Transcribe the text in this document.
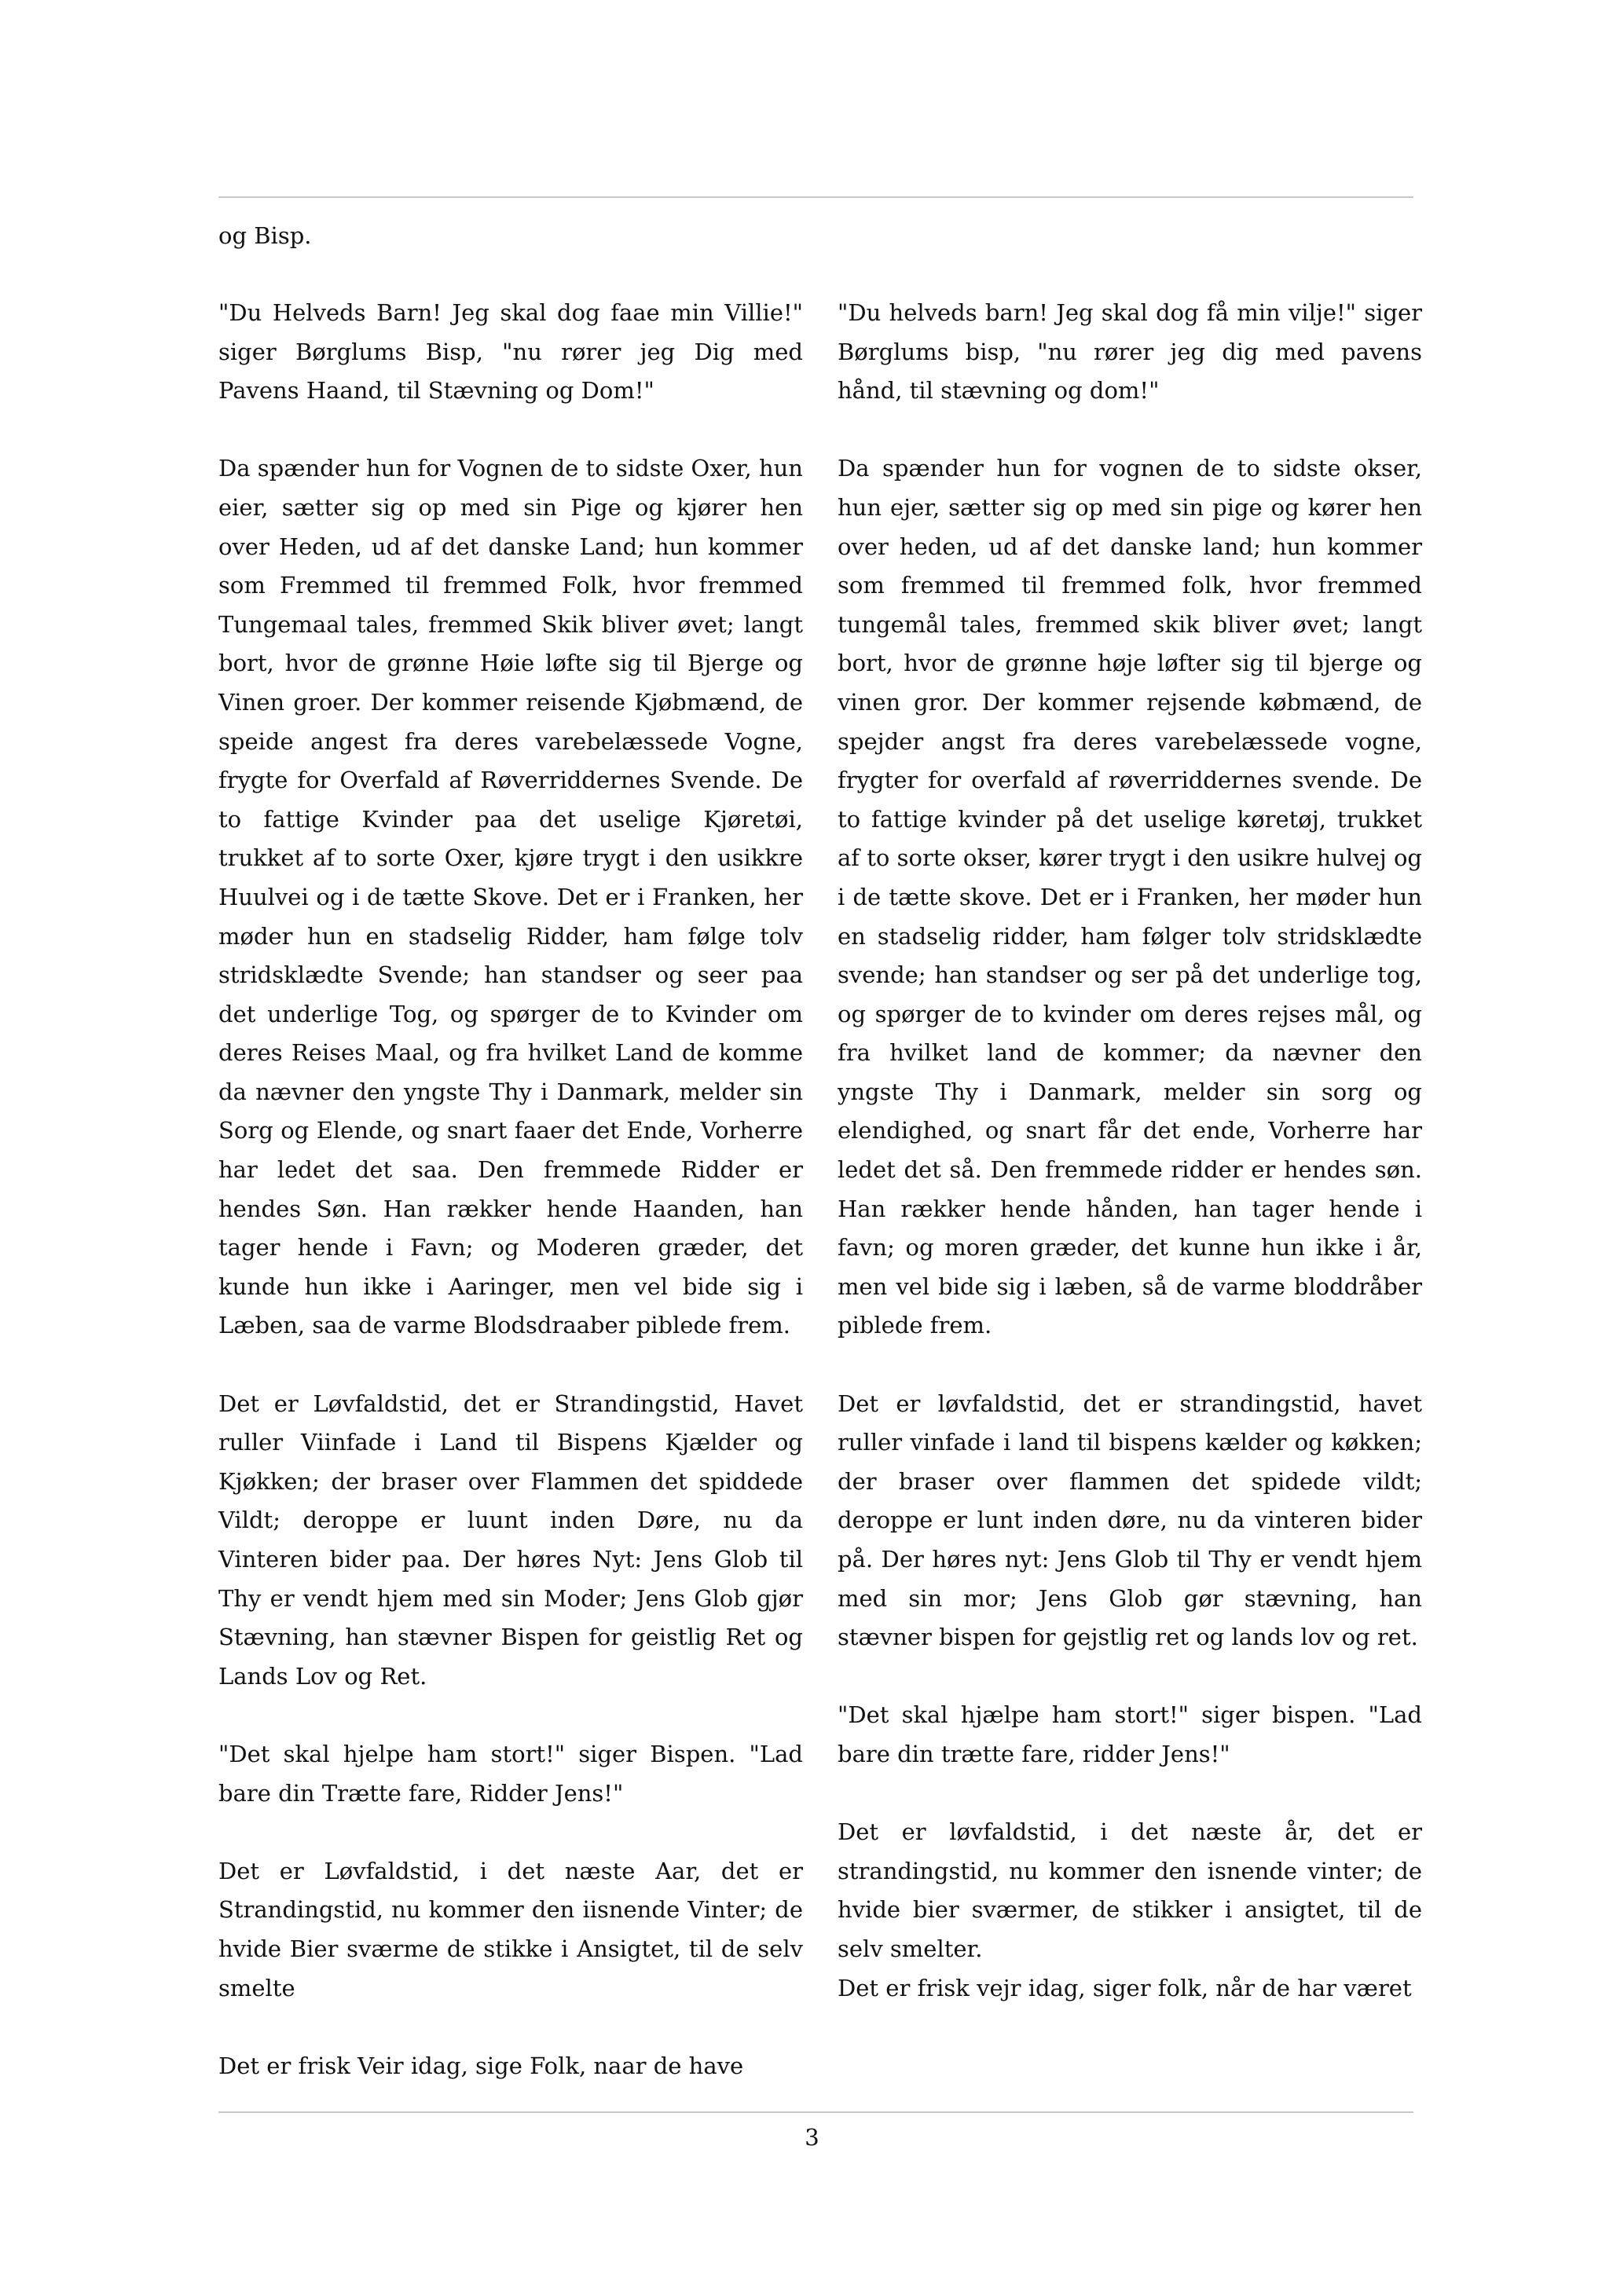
og Bisp.

"Du Helveds Barn! Jeg skal dog faae min Villie!" siger Børglums Bisp, "nu rører jeg Dig med Pavens Haand, til Stævning og Dom!"

Da spænder hun for Vognen de to sidste Oxer, hun eier, sætter sig op med sin Pige og kjører hen over Heden, ud af det danske Land; hun kommer som Fremmed til fremmed Folk, hvor fremmed Tungemaal tales, fremmed Skik bliver øvet; langt bort, hvor de grønne Høie løfte sig til Bjerge og Vinen groer. Der kommer reisende Kjøbmænd, de speide angest fra deres varebelæssede Vogne, frygte for Overfald af Røverriddernes Svende. De to fattige Kvinder paa det uselige Kjøretøi, trukket af to sorte Oxer, kjøre trygt i den usikkre Huulvei og i de tætte Skove. Det er i Franken, her møder hun en stadselig Ridder, ham følge tolv stridsklædte Svende; han standser og seer paa det underlige Tog, og spørger de to Kvinder om deres Reises Maal, og fra hvilket Land de komme da nævner den yngste Thy i Danmark, melder sin Sorg og Elende, og snart faaer det Ende, Vorherre har ledet det saa. Den fremmede Ridder er hendes Søn. Han rækker hende Haanden, han tager hende i Favn; og Moderen græder, det kunde hun ikke i Aaringer, men vel bide sig i Læben, saa de varme Blodsdraaber piblede frem.

Det er Løvfaldstid, det er Strandingstid, Havet ruller Viinfade i Land til Bispens Kjælder og Kjøkken; der braser over Flammen det spiddede Vildt; deroppe er luunt inden Døre, nu da Vinteren bider paa. Der høres Nyt: Jens Glob til Thy er vendt hjem med sin Moder; Jens Glob gjør Stævning, han stævner Bispen for geistlig Ret og Lands Lov og Ret.

"Det skal hjelpe ham stort!" siger Bispen. "Lad bare din Trætte fare, Ridder Jens!"

Det er Løvfaldstid, i det næste Aar, det er Strandingstid, nu kommer den iisnende Vinter; de hvide Bier sværme de stikke i Ansigtet, til de selv smelte

Det er frisk Veir idag, sige Folk, naar de have

"Du helveds barn! Jeg skal dog få min vilje!" siger Børglums bisp, "nu rører jeg dig med pavens hånd, til stævning og dom!"

Da spænder hun for vognen de to sidste okser, hun ejer, sætter sig op med sin pige og kører hen over heden, ud af det danske land; hun kommer som fremmed til fremmed folk, hvor fremmed tungemål tales, fremmed skik bliver øvet; langt bort, hvor de grønne høje løfter sig til bjerge og vinen gror. Der kommer rejsende købmænd, de spejder angst fra deres varebelæssede vogne, frygter for overfald af røverriddernes svende. De to fattige kvinder på det uselige køretøj, trukket af to sorte okser, kører trygt i den usikre hulvej og i de tætte skove. Det er i Franken, her møder hun en stadselig ridder, ham følger tolv stridsklædte svende; han standser og ser på det underlige tog, og spørger de to kvinder om deres rejses mål, og fra hvilket land de kommer; da nævner den yngste Thy i Danmark, melder sin sorg og elendighed, og snart får det ende, Vorherre har ledet det så. Den fremmede ridder er hendes søn. Han rækker hende hånden, han tager hende i favn; og moren græder, det kunne hun ikke i år, men vel bide sig i læben, så de varme bloddråber piblede frem.

Det er løvfaldstid, det er strandingstid, havet ruller vinfade i land til bispens kælder og køkken; der braser over flammen det spidede vildt; deroppe er lunt inden døre, nu da vinteren bider på. Der høres nyt: Jens Glob til Thy er vendt hjem med sin mor; Jens Glob gør stævning, han stævner bispen for gejstlig ret og lands lov og ret.

"Det skal hjælpe ham stort!" siger bispen. "Lad bare din trætte fare, ridder Jens!"

Det er løvfaldstid, i det næste år, det er strandingstid, nu kommer den isnende vinter; de hvide bier sværmer, de stikker i ansigtet, til de selv smelter.

Det er frisk vejr idag, siger folk, når de har været

3
